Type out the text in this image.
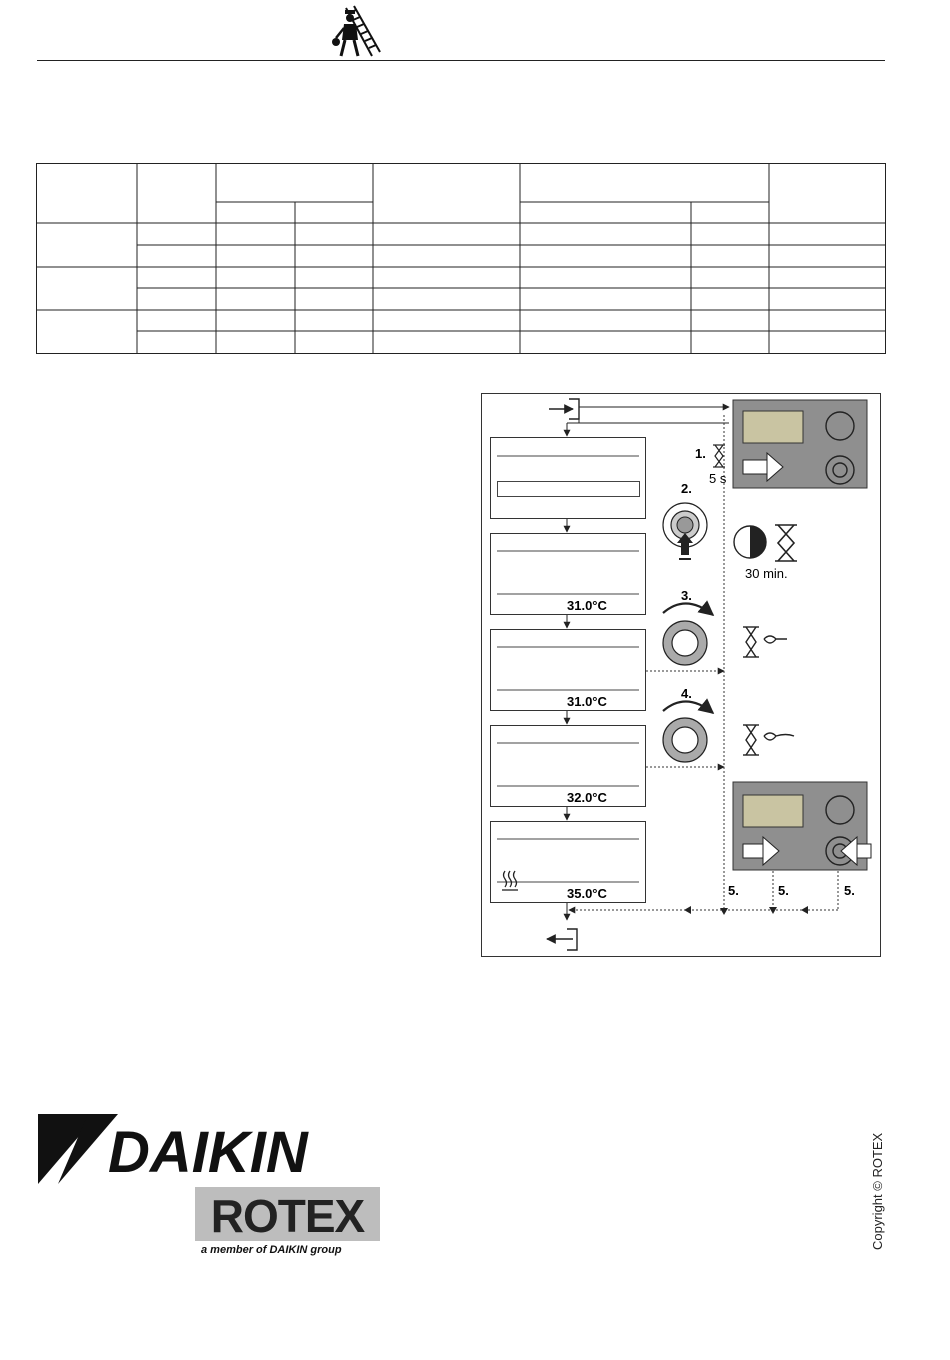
31.0°C
31.0°C
32.0°C
35.0°C
1.
5 s
2.
30 min.
3.
4.
5.	5.	5.
DAIKIN
ROTEX
a member of DAIKIN group	Copyright © ROTEX
